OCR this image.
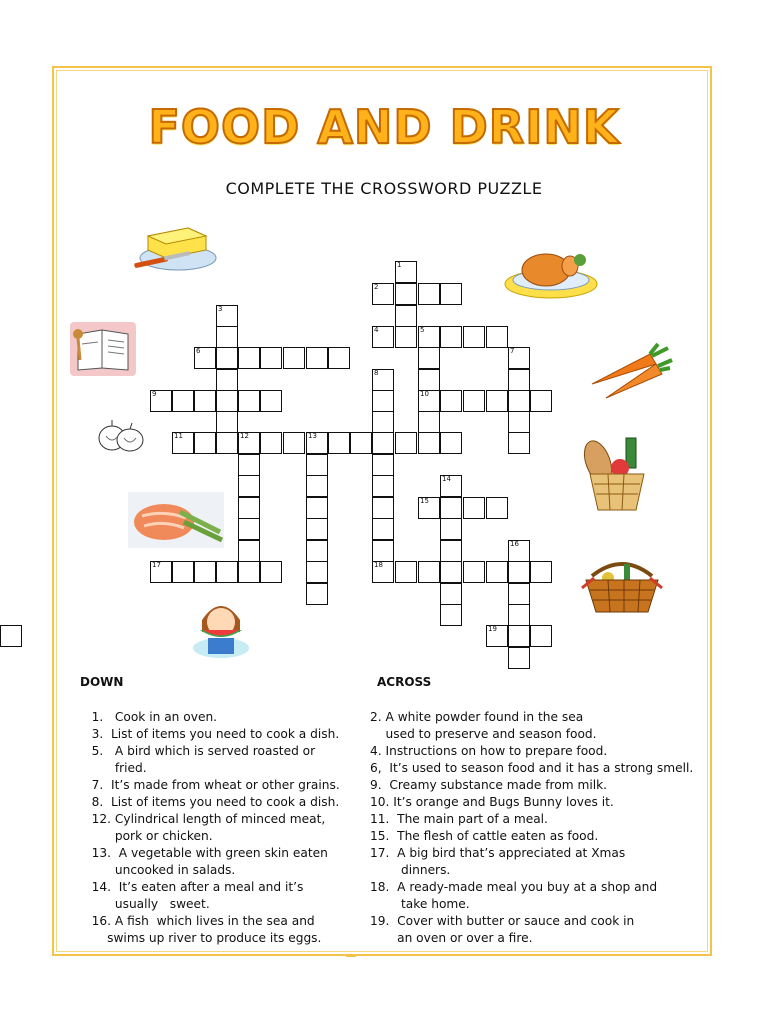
FOOD AND DRINK
COMPLETE THE CROSSWORD PUZZLE
1
2
3
4	5
10
6	7
8
18
9
11	12	13
14
15
16
17
19
DOWN	ACROSS
1.   Cook in an oven.
3.  List of items you need to cook a dish.
5.   A bird which is served roasted or
fried.
7.  It’s made from wheat or other grains.
8.  List of items you need to cook a dish.
12. Cylindrical length of minced meat,
pork or chicken.
13.  A vegetable with green skin eaten
uncooked in salads.
14.  It’s eaten after a meal and it’s
usually   sweet.
16. A fish  which lives in the sea and
swims up river to produce its eggs.
2. A white powder found in the sea
used to preserve and season food.
4. Instructions on how to prepare food.
6,  It’s used to season food and it has a strong smell.
9.  Creamy substance made from milk.
10. It’s orange and Bugs Bunny loves it.
11.  The main part of a meal.
15.  The flesh of cattle eaten as food.
17.  A big bird that’s appreciated at Xmas
dinners.
18.  A ready-made meal you buy at a shop and
take home.
19.  Cover with butter or sauce and cook in
an oven or over a fire.
